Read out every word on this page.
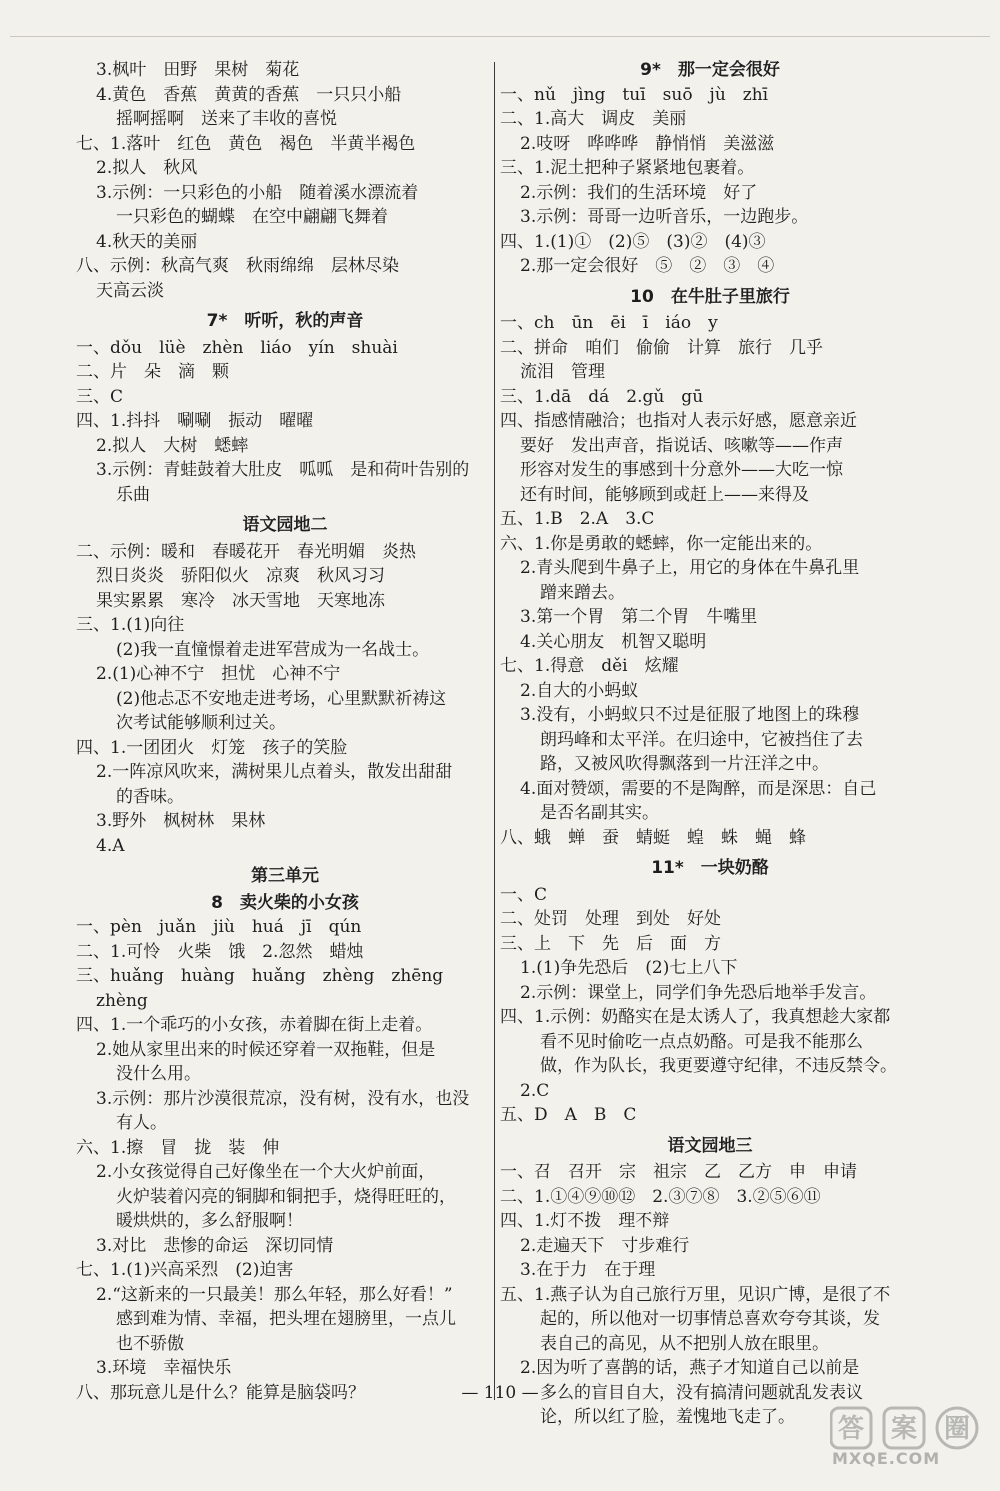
3.枫叶　田野　果树　菊花
4.黄色　香蕉　黄黄的香蕉　一只只小船
摇啊摇啊　送来了丰收的喜悦
七、1.落叶　红色　黄色　褐色　半黄半褐色
2.拟人　秋风
3.示例：一只彩色的小船　随着溪水漂流着
一只彩色的蝴蝶　在空中翩翩飞舞着
4.秋天的美丽
八、示例：秋高气爽　秋雨绵绵　层林尽染
天高云淡
7*　听听，秋的声音
一、dǒu　lüè　zhèn　liáo　yín　shuài
二、片　朵　滴　颗
三、C
四、1.抖抖　唰唰　振动　曜曜
2.拟人　大树　蟋蟀
3.示例：青蛙鼓着大肚皮　呱呱　是和荷叶告别的
乐曲
语文园地二
二、示例：暖和　春暖花开　春光明媚　炎热
烈日炎炎　骄阳似火　凉爽　秋风习习
果实累累　寒冷　冰天雪地　天寒地冻
三、1.(1)向往
(2)我一直憧憬着走进军营成为一名战士。
2.(1)心神不宁　担忧　心神不宁
(2)他忐忑不安地走进考场，心里默默祈祷这
次考试能够顺利过关。
四、1.一团团火　灯笼　孩子的笑脸
2.一阵凉风吹来，满树果儿点着头，散发出甜甜
的香味。
3.野外　枫树林　果林
4.A
第三单元
8　卖火柴的小女孩
一、pèn　juǎn　jiù　huá　jī　qún
二、1.可怜　火柴　饿　2.忽然　蜡烛
三、huǎng　huàng　huǎng　zhèng　zhēng
zhèng
四、1.一个乖巧的小女孩，赤着脚在街上走着。
2.她从家里出来的时候还穿着一双拖鞋，但是
没什么用。
3.示例：那片沙漠很荒凉，没有树，没有水，也没
有人。
六、1.擦　冒　拢　装　伸
2.小女孩觉得自己好像坐在一个大火炉前面，
火炉装着闪亮的铜脚和铜把手，烧得旺旺的，
暖烘烘的，多么舒服啊！
3.对比　悲惨的命运　深切同情
七、1.(1)兴高采烈　(2)迫害
2.“这新来的一只最美！那么年轻，那么好看！”
感到难为情、幸福，把头埋在翅膀里，一点儿
也不骄傲
3.环境　幸福快乐
八、那玩意儿是什么？能算是脑袋吗？
9*　那一定会很好
一、nǔ　jìng　tuī　suō　jù　zhī
二、1.高大　调皮　美丽
2.吱呀　哗哗哗　静悄悄　美滋滋
三、1.泥土把种子紧紧地包裹着。
2.示例：我们的生活环境　好了
3.示例：哥哥一边听音乐，一边跑步。
四、1.(1)①　(2)⑤　(3)②　(4)③
2.那一定会很好　⑤　②　③　④
10　在牛肚子里旅行
一、ch　ūn　ēi　ī　iáo　y
二、拼命　咱们　偷偷　计算　旅行　几乎
流泪　管理
三、1.dā　dá　2.gǔ　gū
四、指感情融洽；也指对人表示好感，愿意亲近
要好　发出声音，指说话、咳嗽等——作声
形容对发生的事感到十分意外——大吃一惊
还有时间，能够顾到或赶上——来得及
五、1.B　2.A　3.C
六、1.你是勇敢的蟋蟀，你一定能出来的。
2.青头爬到牛鼻子上，用它的身体在牛鼻孔里
蹭来蹭去。
3.第一个胃　第二个胃　牛嘴里
4.关心朋友　机智又聪明
七、1.得意　děi　炫耀
2.自大的小蚂蚁
3.没有，小蚂蚁只不过是征服了地图上的珠穆
朗玛峰和太平洋。在归途中，它被挡住了去
路，又被风吹得飘落到一片汪洋之中。
4.面对赞颂，需要的不是陶醉，而是深思：自己
是否名副其实。
八、蛾　蝉　蚕　蜻蜓　蝗　蛛　蝇　蜂
11*　一块奶酪
一、C
二、处罚　处理　到处　好处
三、上　下　先　后　面　方
1.(1)争先恐后　(2)七上八下
2.示例：课堂上，同学们争先恐后地举手发言。
四、1.示例：奶酪实在是太诱人了，我真想趁大家都
看不见时偷吃一点点奶酪。可是我不能那么
做，作为队长，我更要遵守纪律，不违反禁令。
2.C
五、D　A　B　C
语文园地三
一、召　召开　宗　祖宗　乙　乙方　申　申请
二、1.①④⑨⑩⑫　2.③⑦⑧　3.②⑤⑥⑪
四、1.灯不拨　理不辩
2.走遍天下　寸步难行
3.在于力　在于理
五、1.燕子认为自己旅行万里，见识广博，是很了不
起的，所以他对一切事情总喜欢夸夸其谈，发
表自己的高见，从不把别人放在眼里。
2.因为听了喜鹊的话，燕子才知道自己以前是
多么的盲目自大，没有搞清问题就乱发表议
论，所以红了脸，羞愧地飞走了。
— 110 —
答 案 圈
MXQE.COM
